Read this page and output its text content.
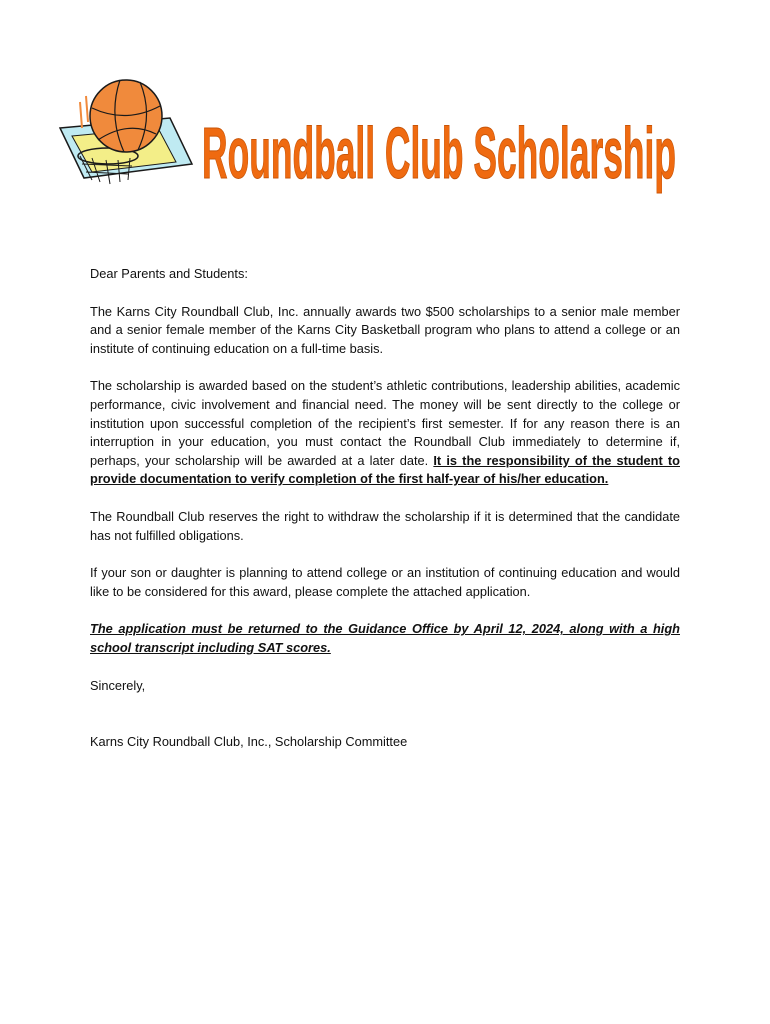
Roundball Club Scholarship

Dear Parents and Students:

The Karns City Roundball Club, Inc. annually awards two $500 scholarships to a senior male member and a senior female member of the Karns City Basketball program who plans to attend a college or an institute of continuing education on a full-time basis.

The scholarship is awarded based on the student’s athletic contributions, leadership abilities, academic performance, civic involvement and financial need. The money will be sent directly to the college or institution upon successful completion of the recipient’s first semester. If for any reason there is an interruption in your education, you must contact the Roundball Club immediately to determine if, perhaps, your scholarship will be awarded at a later date. It is the responsibility of the student to provide documentation to verify completion of the first half-year of his/her education.

The Roundball Club reserves the right to withdraw the scholarship if it is determined that the candidate has not fulfilled obligations.

If your son or daughter is planning to attend college or an institution of continuing education and would like to be considered for this award, please complete the attached application.

The application must be returned to the Guidance Office by April 12, 2024, along with a high school transcript including SAT scores.

Sincerely,

Karns City Roundball Club, Inc., Scholarship Committee
